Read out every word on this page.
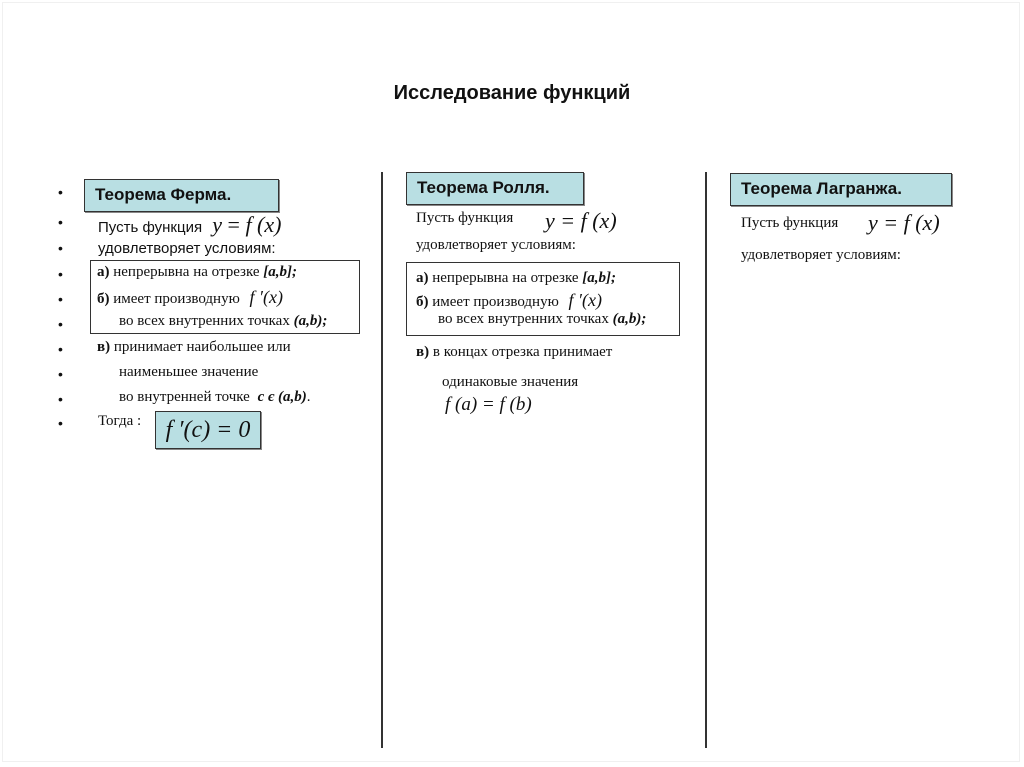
Исследование функций
•
•
•
•
•
•
•
•
•
•
Теорема Ферма.
Пусть функция y = f (x)
удовлетворяет условиям:
а) непрерывна на отрезке [a,b];
б) имеет производную f ′(x)
во всех внутренних точках (a,b);
в) принимает наибольшее или
наименьшее значение
во внутренней точке c є (a,b).
Тогда :	f ′(c) = 0
Теорема Ролля.
Пусть функция y = f (x)
удовлетворяет условиям:
а) непрерывна на отрезке [a,b];
б) имеет производную f ′(x)
во всех внутренних точках (a,b);
в) в концах отрезка принимает
одинаковые значения
f (a) = f (b)
Теорема Лагранжа.
Пусть функция y = f (x)
удовлетворяет условиям:
